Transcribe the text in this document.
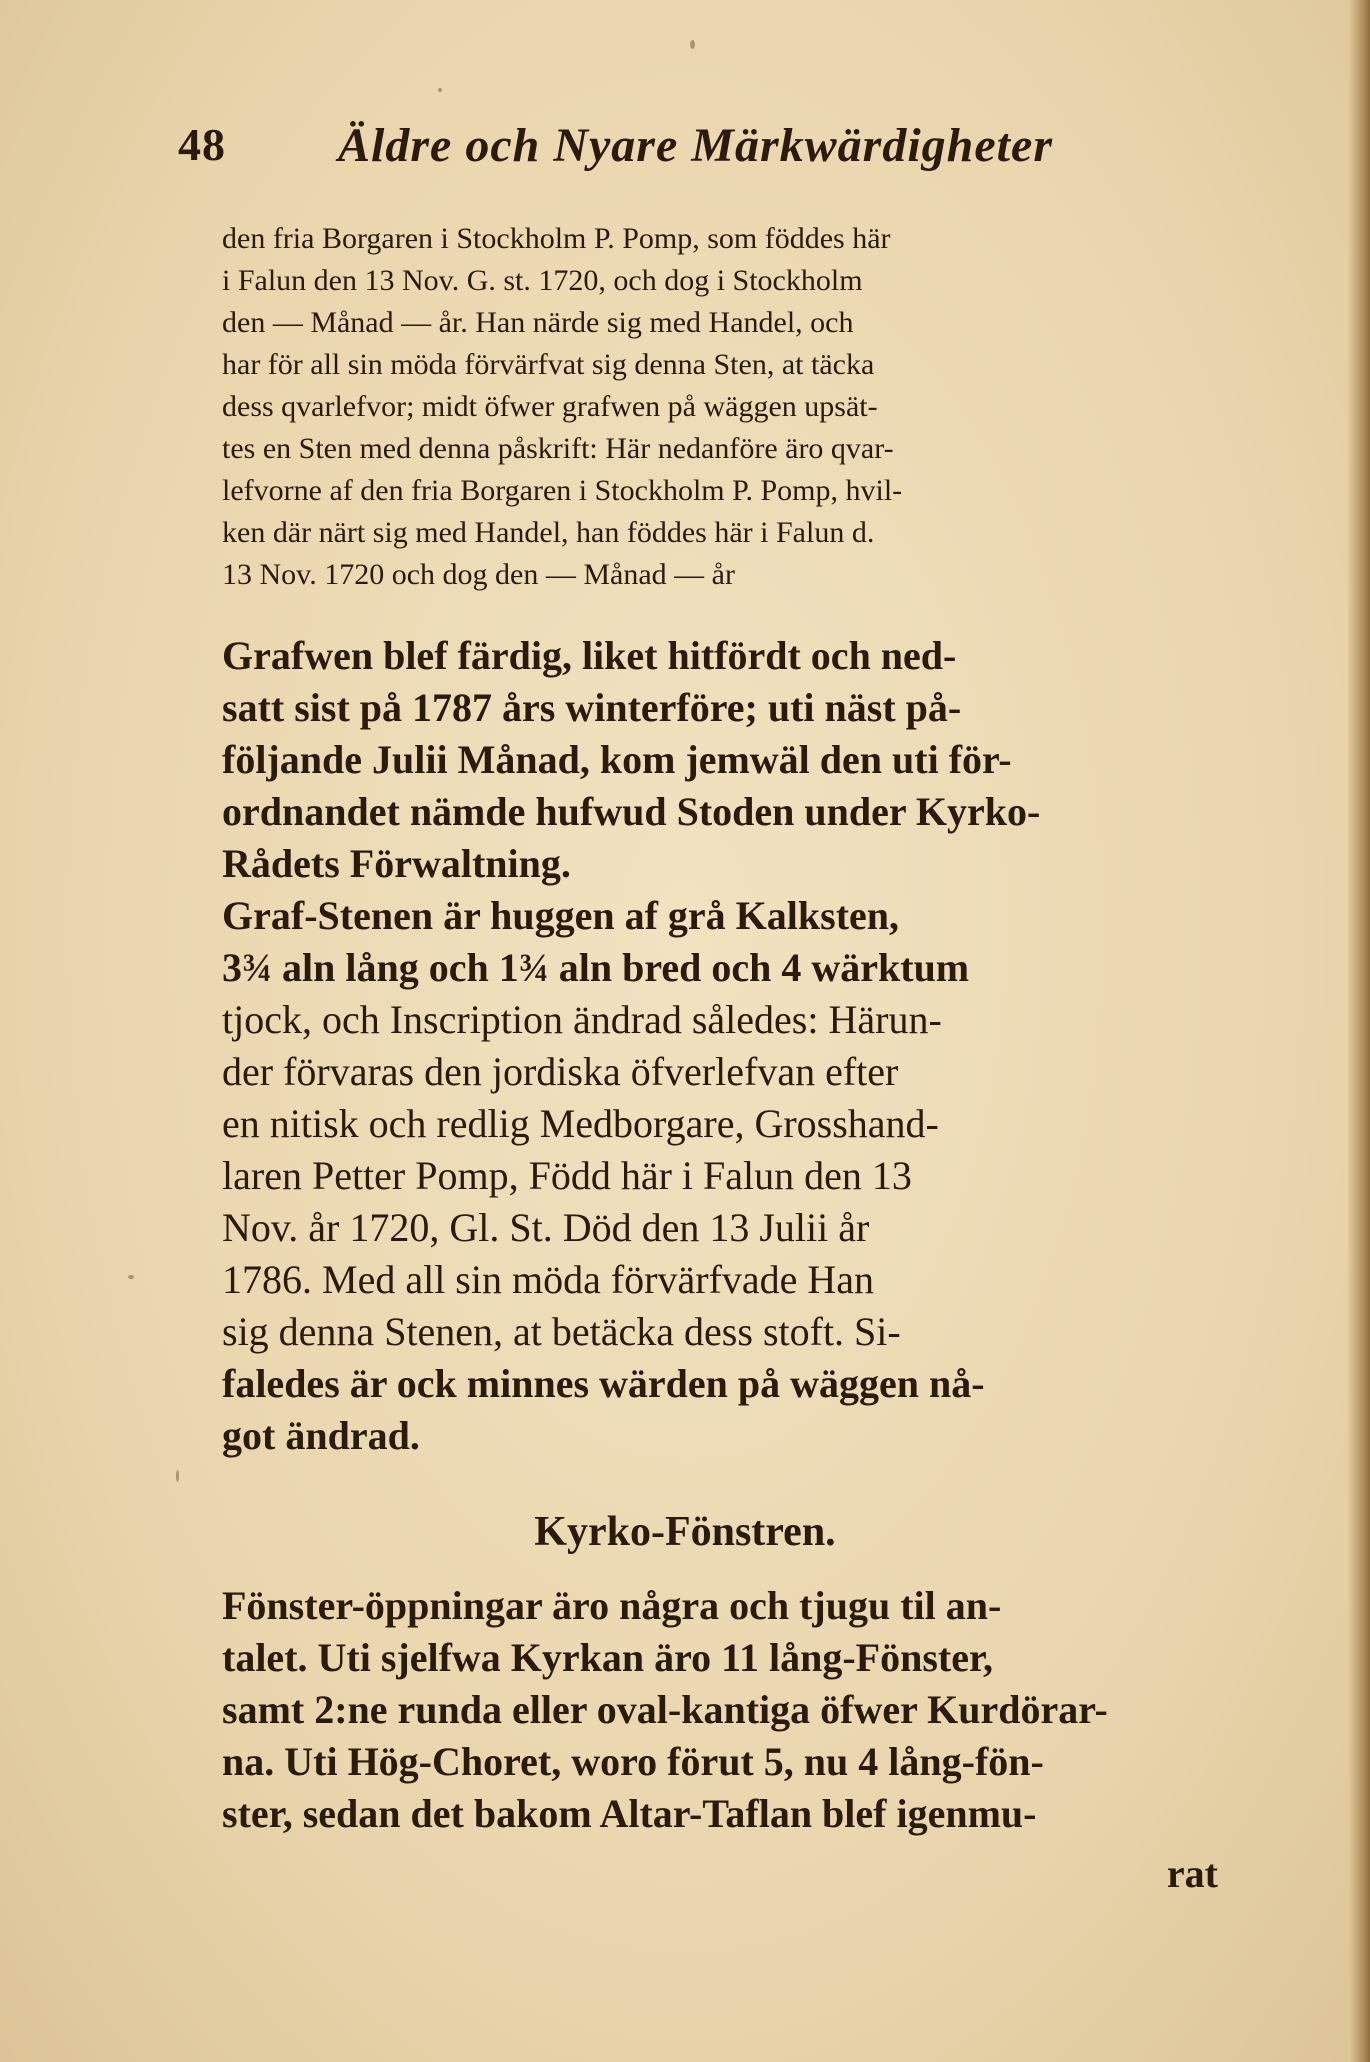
48 Äldre och Nyare Märkwärdigheter
den fria Borgaren i Stockholm P. Pomp, som föddes här
i Falun den 13 Nov. G. st. 1720, och dog i Stockholm
den — Månad — år. Han närde sig med Handel, och
har för all sin möda förvärfvat sig denna Sten, at täcka
dess qvarlefvor; midt öfwer grafwen på wäggen upsät-
tes en Sten med denna påskrift: Här nedanföre äro qvar-
lefvorne af den fria Borgaren i Stockholm P. Pomp, hvil-
ken där närt sig med Handel, han föddes här i Falun d.
13 Nov. 1720 och dog den — Månad — år
Grafwen blef färdig, liket hitfördt och ned-
satt sist på 1787 års winterföre; uti näst på-
följande Julii Månad, kom jemwäl den uti för-
ordnandet nämde hufwud Stoden under Kyrko-
Rådets Förwaltning.
Graf-Stenen är huggen af grå Kalksten,
3¾ aln lång och 1¾ aln bred och 4 wärktum
tjock, och Inscription ändrad således: Härun-
der förvaras den jordiska öfverlefvan efter
en nitisk och redlig Medborgare, Grosshand-
laren Petter Pomp, Född här i Falun den 13
Nov. år 1720, Gl. St. Död den 13 Julii år
1786. Med all sin möda förvärfvade Han
sig denna Stenen, at betäcka dess stoft. Si-
faledes är ock minnes wärden på wäggen nå-
got ändrad.
Kyrko-Fönstren.
Fönster-öppningar äro några och tjugu til an-
talet. Uti sjelfwa Kyrkan äro 11 lång-Fönster,
samt 2:ne runda eller oval-kantiga öfwer Kurdörar-
na. Uti Hög-Choret, woro förut 5, nu 4 lång-fön-
ster, sedan det bakom Altar-Taflan blef igenmu-
rat
